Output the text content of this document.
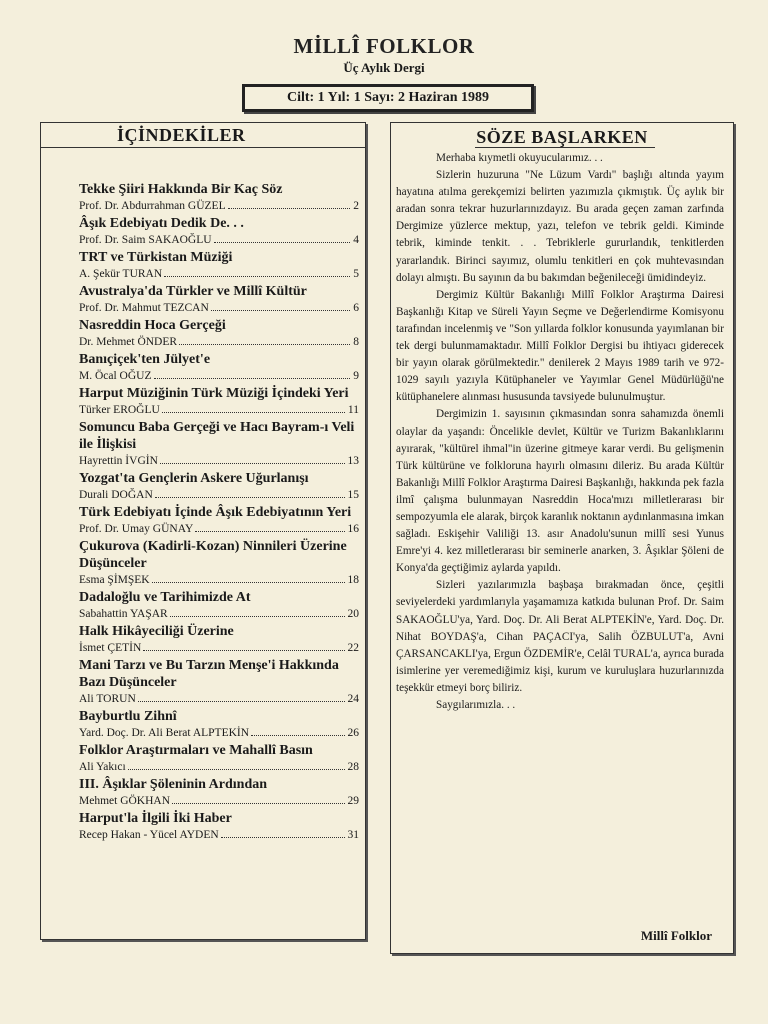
MİLLÎ FOLKLOR
Üç Aylık Dergi
Cilt: 1 Yıl: 1 Sayı: 2 Haziran 1989
İÇİNDEKİLER
Tekke Şiiri Hakkında Bir Kaç Söz
Prof. Dr. Abdurrahman GÜZEL	2
Âşık Edebiyatı Dedik De. . .
Prof. Dr. Saim SAKAOĞLU	4
TRT ve Türkistan Müziği
A. Şekür TURAN	5
Avustralya'da Türkler ve Millî Kültür
Prof. Dr. Mahmut TEZCAN	6
Nasreddin Hoca Gerçeği
Dr. Mehmet ÖNDER	8
Banıçiçek'ten Jülyet'e
M. Öcal OĞUZ	9
Harput Müziğinin Türk Müziği İçindeki Yeri
Türker EROĞLU	11
Somuncu Baba Gerçeği ve Hacı Bayram-ı Veli ile İlişkisi
Hayrettin İVGİN	13
Yozgat'ta Gençlerin Askere Uğurlanışı
Durali DOĞAN	15
Türk Edebiyatı İçinde Âşık Edebiyatının Yeri
Prof. Dr. Umay GÜNAY	16
Çukurova (Kadirli-Kozan) Ninnileri Üzerine Düşünceler
Esma ŞİMŞEK	18
Dadaloğlu ve Tarihimizde At
Sabahattin YAŞAR	20
Halk Hikâyeciliği Üzerine
İsmet ÇETİN	22
Mani Tarzı ve Bu Tarzın Menşe'i Hakkında Bazı Düşünceler
Ali TORUN	24
Bayburtlu Zihnî
Yard. Doç. Dr. Ali Berat ALPTEKİN	26
Folklor Araştırmaları ve Mahallî Basın
Ali Yakıcı	28
III. Âşıklar Şöleninin Ardından
Mehmet GÖKHAN	29
Harput'la İlgili İki Haber
Recep Hakan - Yücel AYDEN	31
SÖZE BAŞLARKEN

Merhaba kıymetli okuyucularımız. . .

Sizlerin huzuruna "Ne Lüzum Vardı" başlığı altında yayım hayatına atılma gerekçemizi belirten yazımızla çıkmıştık. Üç aylık bir aradan sonra tekrar huzurlarınızdayız. Bu arada geçen zaman zarfında Dergimize yüzlerce mektup, yazı, telefon ve tebrik geldi. Kiminde tebrik, kiminde tenkit. . . Tebriklerle gururlandık, tenkitlerden yararlandık. Birinci sayımız, olumlu tenkitleri en çok muhtevasından dolayı almıştı. Bu sayının da bu bakımdan beğenileceği ümidindeyiz.

Dergimiz Kültür Bakanlığı Millî Folklor Araştırma Dairesi Başkanlığı Kitap ve Süreli Yayın Seçme ve Değerlendirme Komisyonu tarafından incelenmiş ve "Son yıllarda folklor konusunda yayımlanan bir tek dergi bulunmamaktadır. Millî Folklor Dergisi bu ihtiyacı giderecek bir yayın olarak görülmektedir." denilerek 2 Mayıs 1989 tarih ve 972-1029 sayılı yazıyla Kütüphaneler ve Yayımlar Genel Müdürlüğü'ne kütüphanelere alınması hususunda tavsiyede bulunulmuştur.

Dergimizin 1. sayısının çıkmasından sonra sahamızda önemli olaylar da yaşandı: Öncelikle devlet, Kültür ve Turizm Bakanlıklarını ayırarak, "kültürel ihmal"in üzerine gitmeye karar verdi. Bu gelişmenin Türk kültürüne ve folkloruna hayırlı olmasını dileriz. Bu arada Kültür Bakanlığı Millî Folklor Araştırma Dairesi Başkanlığı, hakkında pek fazla ilmî çalışma bulunmayan Nasreddin Hoca'mızı milletlerarası bir sempozyumla ele alarak, birçok karanlık noktanın aydınlanmasına imkan sağladı. Eskişehir Valiliği 13. asır Anadolu'sunun millî sesi Yunus Emre'yi 4. kez milletlerarası bir seminerle anarken, 3. Âşıklar Şöleni de Konya'da geçtiğimiz aylarda yapıldı.

Sizleri yazılarımızla başbaşa bırakmadan önce, çeşitli seviyelerdeki yardımlarıyla yaşamamıza katkıda bulunan Prof. Dr. Saim SAKAOĞLU'ya, Yard. Doç. Dr. Ali Berat ALPTEKİN'e, Yard. Doç. Dr. Nihat BOYDAŞ'a, Cihan PAÇACI'ya, Salih ÖZBULUT'a, Avni ÇARSANCAKLI'ya, Ergun ÖZDEMİR'e, Celâl TURAL'a, ayrıca burada isimlerine yer veremediğimiz kişi, kurum ve kuruluşlara huzurlarınızda teşekkür etmeyi borç biliriz.

Saygılarımızla. . .

Millî Folklor
